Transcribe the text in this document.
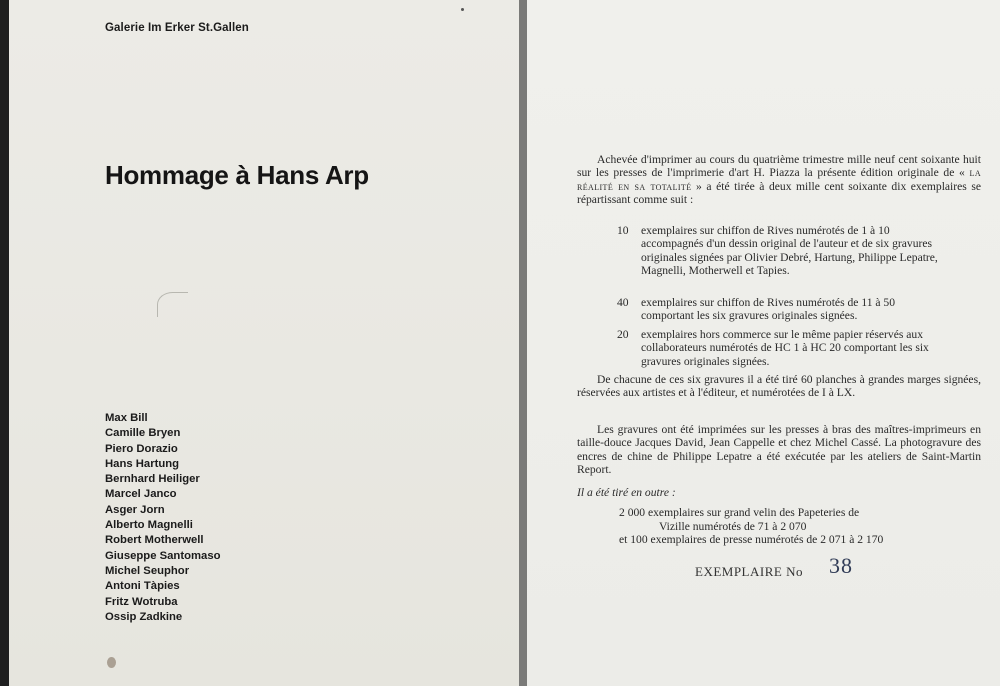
Galerie Im Erker St.Gallen
Hommage à Hans Arp
Max Bill
Camille Bryen
Piero Dorazio
Hans Hartung
Bernhard Heiliger
Marcel Janco
Asger Jorn
Alberto Magnelli
Robert Motherwell
Giuseppe Santomaso
Michel Seuphor
Antoni Tàpies
Fritz Wotruba
Ossip Zadkine

Achevée d'imprimer au cours du quatrième trimestre mille neuf cent soixante huit sur les presses de l'imprimerie d'art H. Piazza la présente édition originale de « la réalité en sa totalité » a été tirée à deux mille cent soixante dix exemplaires se répartissant comme suit :

10	exemplaires sur chiffon de Rives numérotés de 1 à 10 accompagnés d'un dessin original de l'auteur et de six gravures originales signées par Olivier Debré, Hartung, Philippe Lepatre, Magnelli, Motherwell et Tapies.
40	exemplaires sur chiffon de Rives numérotés de 11 à 50 comportant les six gravures originales signées.
20	exemplaires hors commerce sur le même papier réservés aux collaborateurs numérotés de HC 1 à HC 20 comportant les six gravures originales signées.

De chacune de ces six gravures il a été tiré 60 planches à grandes marges signées, réservées aux artistes et à l'éditeur, et numérotées de I à LX.

Les gravures ont été imprimées sur les presses à bras des maîtres-imprimeurs en taille-douce Jacques David, Jean Cappelle et chez Michel Cassé. La photogravure des encres de chine de Philippe Lepatre a été exécutée par les ateliers de Saint-Martin Report.

Il a été tiré en outre :
2 000 exemplaires sur grand velin des Papeteries de
Vizille numérotés de 71 à 2 070
et 100 exemplaires de presse numérotés de 2 071 à 2 170
EXEMPLAIRE No 38
